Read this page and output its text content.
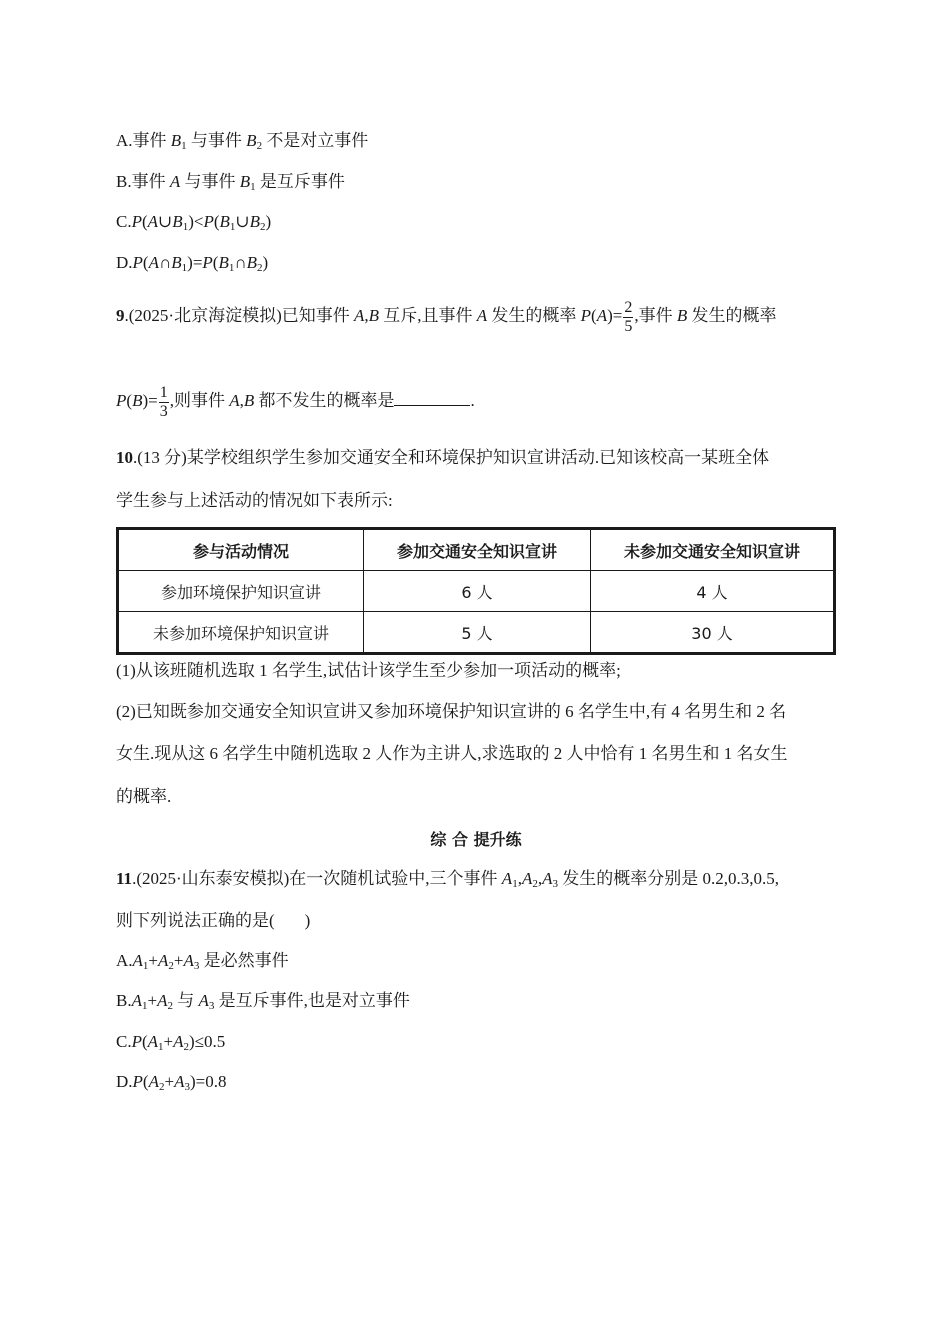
A.事件 $B_1$ 与事件 $B_2$ 不是对立事件
B.事件 A 与事件 $B_1$ 是互斥事件
$C.P(A\cup B_1)<P(B_1\cup B_2)$
$D.P(A\cap B_1)=P(B_1\cap B_2)$
9.(2025·北京海淀模拟)已知事件 A,B 互斥,且事件 A 发生的概率 $P(A)= \frac{2}{5}$ ,事件 B 发生的概率
$P(B)= \frac{1}{3}$ ,则事件 A,B 都不发生的概率是	.
10.(13 分)某学校组织学生参加交通安全和环境保护知识宣讲活动.已知该校高一某班全体
学生参与上述活动的情况如下表所示:
参与活动情况	参加交通安全知识宣讲	未参加交通安全知识宣讲
参加环境保护知识宣讲	6 人	4 人
未参加环境保护知识宣讲	5 人	30 人
(1)从该班随机选取 1 名学生,试估计该学生至少参加一项活动的概率;
(2)已知既参加交通安全知识宣讲又参加环境保护知识宣讲的 6 名学生中,有 4 名男生和 2 名
女生.现从这 6 名学生中随机选取 2 人作为主讲人,求选取的 2 人中恰有 1 名男生和 1 名女生
的概率.
综 合 提升练
11.(2025·山东泰安模拟)在一次随机试验中,三个事件 $A_1,A_2,A_3$ 发生的概率分别是 0.2,0.3,0.5,
则下列说法正确的是( )
$A.A_1+A_2+A_3$ 是必然事件
$B.A_1+A_2$ 与 $A_3$ 是互斥事件,也是对立事件
$C.P(A_1+A_2)\le 0.5$
$D.P(A_2+A_3)=0.8$
